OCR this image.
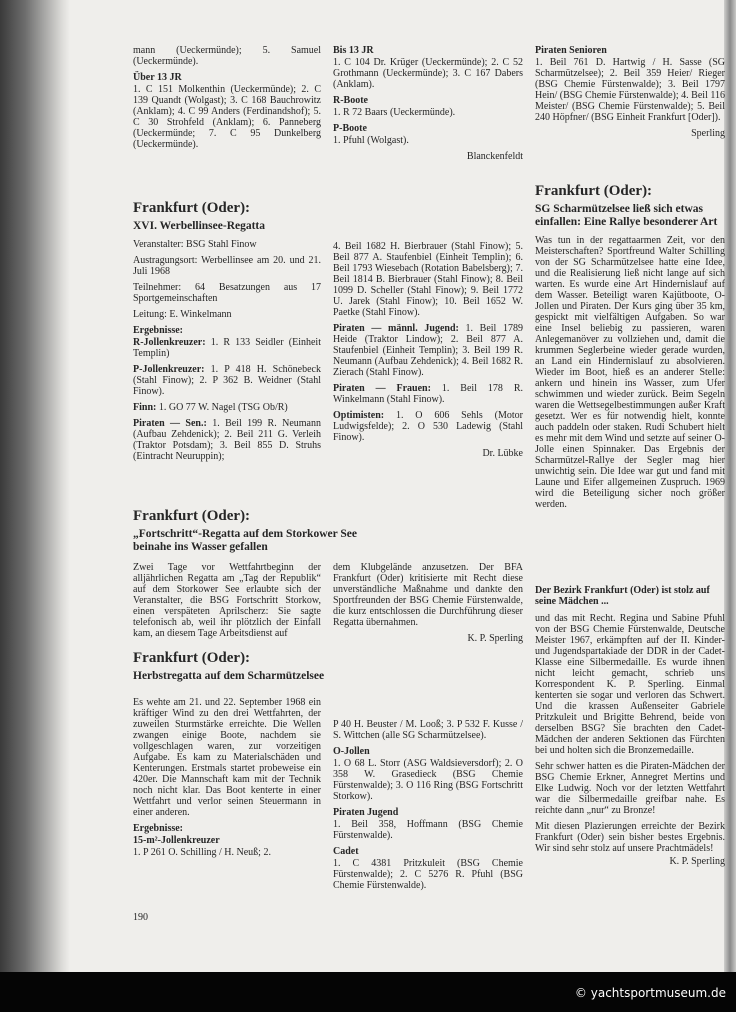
mann (Ueckermünde); 5. Samuel (Ueckermünde).

Über 13 JR

1. C 151 Molkenthin (Ueckermünde); 2. C 139 Quandt (Wolgast); 3. C 168 Bauchrowitz (Anklam); 4. C 99 Anders (Ferdinandshof); 5. C 30 Strohfeld (Anklam); 6. Panneberg (Ueckermünde; 7. C 95 Dunkelberg (Ueckermünde).

Bis 13 JR

1. C 104 Dr. Krüger (Ueckermünde); 2. C 52 Grothmann (Ueckermünde); 3. C 167 Dabers (Anklam).

R-Boote

1. R 72 Baars (Ueckermünde).

P-Boote

1. Pfuhl (Wolgast).

Blanckenfeldt

Piraten Senioren

1. Beil 761 D. Hartwig / H. Sasse (SG Scharmützelsee); 2. Beil 359 Heier/ Rieger (BSG Chemie Fürstenwalde); 3. Beil 1797 Hein/ (BSG Chemie Fürstenwalde); 4. Beil 116 Meister/ (BSG Chemie Fürstenwalde); 5. Beil 240 Höpfner/ (BSG Einheit Frankfurt [Oder]).

Sperling

Frankfurt (Oder):
XVI. Werbellinsee-Regatta

Veranstalter: BSG Stahl Finow

Austragungsort: Werbellinsee am 20. und 21. Juli 1968

Teilnehmer: 64 Besatzungen aus 17 Sportgemeinschaften

Leitung: E. Winkelmann

Ergebnisse:

R-Jollenkreuzer: 1. R 133 Seidler (Einheit Templin)

P-Jollenkreuzer: 1. P 418 H. Schönebeck (Stahl Finow); 2. P 362 B. Weidner (Stahl Finow).

Finn: 1. GO 77 W. Nagel (TSG Ob/R)

Piraten — Sen.: 1. Beil 199 R. Neumann (Aufbau Zehdenick); 2. Beil 211 G. Verleih (Traktor Potsdam); 3. Beil 855 D. Struhs (Eintracht Neuruppin);

4. Beil 1682 H. Bierbrauer (Stahl Finow); 5. Beil 877 A. Staufenbiel (Einheit Templin); 6. Beil 1793 Wiesebach (Rotation Babelsberg); 7. Beil 1814 B. Bierbrauer (Stahl Finow); 8. Beil 1099 D. Scheller (Stahl Finow); 9. Beil 1772 U. Jarek (Stahl Finow); 10. Beil 1652 W. Paetke (Stahl Finow).

Piraten — männl. Jugend: 1. Beil 1789 Heide (Traktor Lindow); 2. Beil 877 A. Staufenbiel (Einheit Templin); 3. Beil 199 R. Neumann (Aufbau Zehdenick); 4. Beil 1682 R. Zierach (Stahl Finow).

Piraten — Frauen: 1. Beil 178 R. Winkelmann (Stahl Finow).

Optimisten: 1. O 606 Sehls (Motor Ludwigsfelde); 2. O 530 Ladewig (Stahl Finow).

Dr. Lübke

Frankfurt (Oder):
„Fortschritt“-Regatta auf dem Storkower See beinahe ins Wasser gefallen

Zwei Tage vor Wettfahrtbeginn der alljährlichen Regatta am „Tag der Republik“ auf dem Storkower See erlaubte sich der Veranstalter, die BSG Fortschritt Storkow, einen verspäteten Aprilscherz: Sie sagte telefonisch ab, weil ihr plötzlich der Einfall kam, an diesem Tage Arbeitsdienst auf

dem Klubgelände anzusetzen. Der BFA Frankfurt (Oder) kritisierte mit Recht diese unverständliche Maßnahme und dankte den Sportfreunden der BSG Chemie Fürstenwalde, die kurz entschlossen die Durchführung dieser Regatta übernahmen.

K. P. Sperling

Frankfurt (Oder):
Herbstregatta auf dem Scharmützelsee

Es wehte am 21. und 22. September 1968 ein kräftiger Wind zu den drei Wettfahrten, der zuweilen Sturmstärke erreichte. Die Wellen zwangen einige Boote, nachdem sie vollgeschlagen waren, zur vorzeitigen Aufgabe. Es kam zu Materialschäden und Kenterungen. Erstmals startet probeweise ein 420er. Die Mannschaft kam mit der Technik noch nicht klar. Das Boot kenterte in einer Wettfahrt und verlor seinen Steuermann in einer anderen.

Ergebnisse:
15-m²-Jollenkreuzer

1. P 261 O. Schilling / H. Neuß; 2.

P 40 H. Beuster / M. Looß; 3. P 532 F. Kusse / S. Wittchen (alle SG Scharmützelsee).

O-Jollen

1. O 68 L. Storr (ASG Waldsieversdorf); 2. O 358 W. Grasedieck (BSG Chemie Fürstenwalde); 3. O 116 Ring (BSG Fortschritt Storkow).

Piraten Jugend

1. Beil 358, Hoffmann (BSG Chemie Fürstenwalde).

Cadet

1. C 4381 Pritzkuleit (BSG Chemie Fürstenwalde); 2. C 5276 R. Pfuhl (BSG Chemie Fürstenwalde).

Frankfurt (Oder):
SG Scharmützelsee ließ sich etwas einfallen: Eine Rallye besonderer Art

Was tun in der regattaarmen Zeit, vor den Meisterschaften? Sportfreund Walter Schilling von der SG Scharmützelsee hatte eine Idee, und die Realisierung ließ nicht lange auf sich warten. Es wurde eine Art Hindernislauf auf dem Wasser. Beteiligt waren Kajütboote, O-Jollen und Piraten. Der Kurs ging über 35 km, gespickt mit vielfältigen Aufgaben. So war eine Insel beliebig zu passieren, waren Anlegemanöver zu vollziehen und, damit die krummen Seglerbeine wieder gerade wurden, an Land ein Hindernislauf zu absolvieren. Wieder im Boot, hieß es an anderer Stelle: ankern und hinein ins Wasser, zum Ufer schwimmen und wieder zurück. Beim Segeln waren die Wettsegelbestimmungen außer Kraft gesetzt. Wer es für notwendig hielt, konnte auch paddeln oder staken. Rudi Schubert hielt es mehr mit dem Wind und setzte auf seiner O-Jolle einen Spinnaker. Das Ergebnis der Scharmützel-Rallye der Segler mag hier unwichtig sein. Die Idee war gut und fand mit Laune und Eifer allgemeinen Zuspruch. 1969 wird die Beteiligung sicher noch größer werden.

Der Bezirk Frankfurt (Oder) ist stolz auf seine Mädchen ...

und das mit Recht. Regina und Sabine Pfuhl von der BSG Chemie Fürstenwalde, Deutsche Meister 1967, erkämpften auf der II. Kinder- und Jugendspartakiade der DDR in der Cadet-Klasse eine Silbermedaille. Es wurde ihnen nicht leicht gemacht, schrieb uns Korrespondent K. P. Sperling. Einmal kenterten sie sogar und verloren das Schwert. Und die krassen Außenseiter Gabriele Pritzkuleit und Brigitte Behrend, beide von derselben BSG? Sie brachten den Cadet-Mädchen der anderen Sektionen das Fürchten bei und holten sich die Bronzemedaille.

Sehr schwer hatten es die Piraten-Mädchen der BSG Chemie Erkner, Annegret Mertins und Elke Ludwig. Noch vor der letzten Wettfahrt war die Silbermedaille greifbar nahe. Es reichte dann „nur“ zu Bronze!

Mit diesen Plazierungen erreichte der Bezirk Frankfurt (Oder) sein bisher bestes Ergebnis. Wir sind sehr stolz auf unsere Prachtmädels!

K. P. Sperling

190
© yachtsportmuseum.de
